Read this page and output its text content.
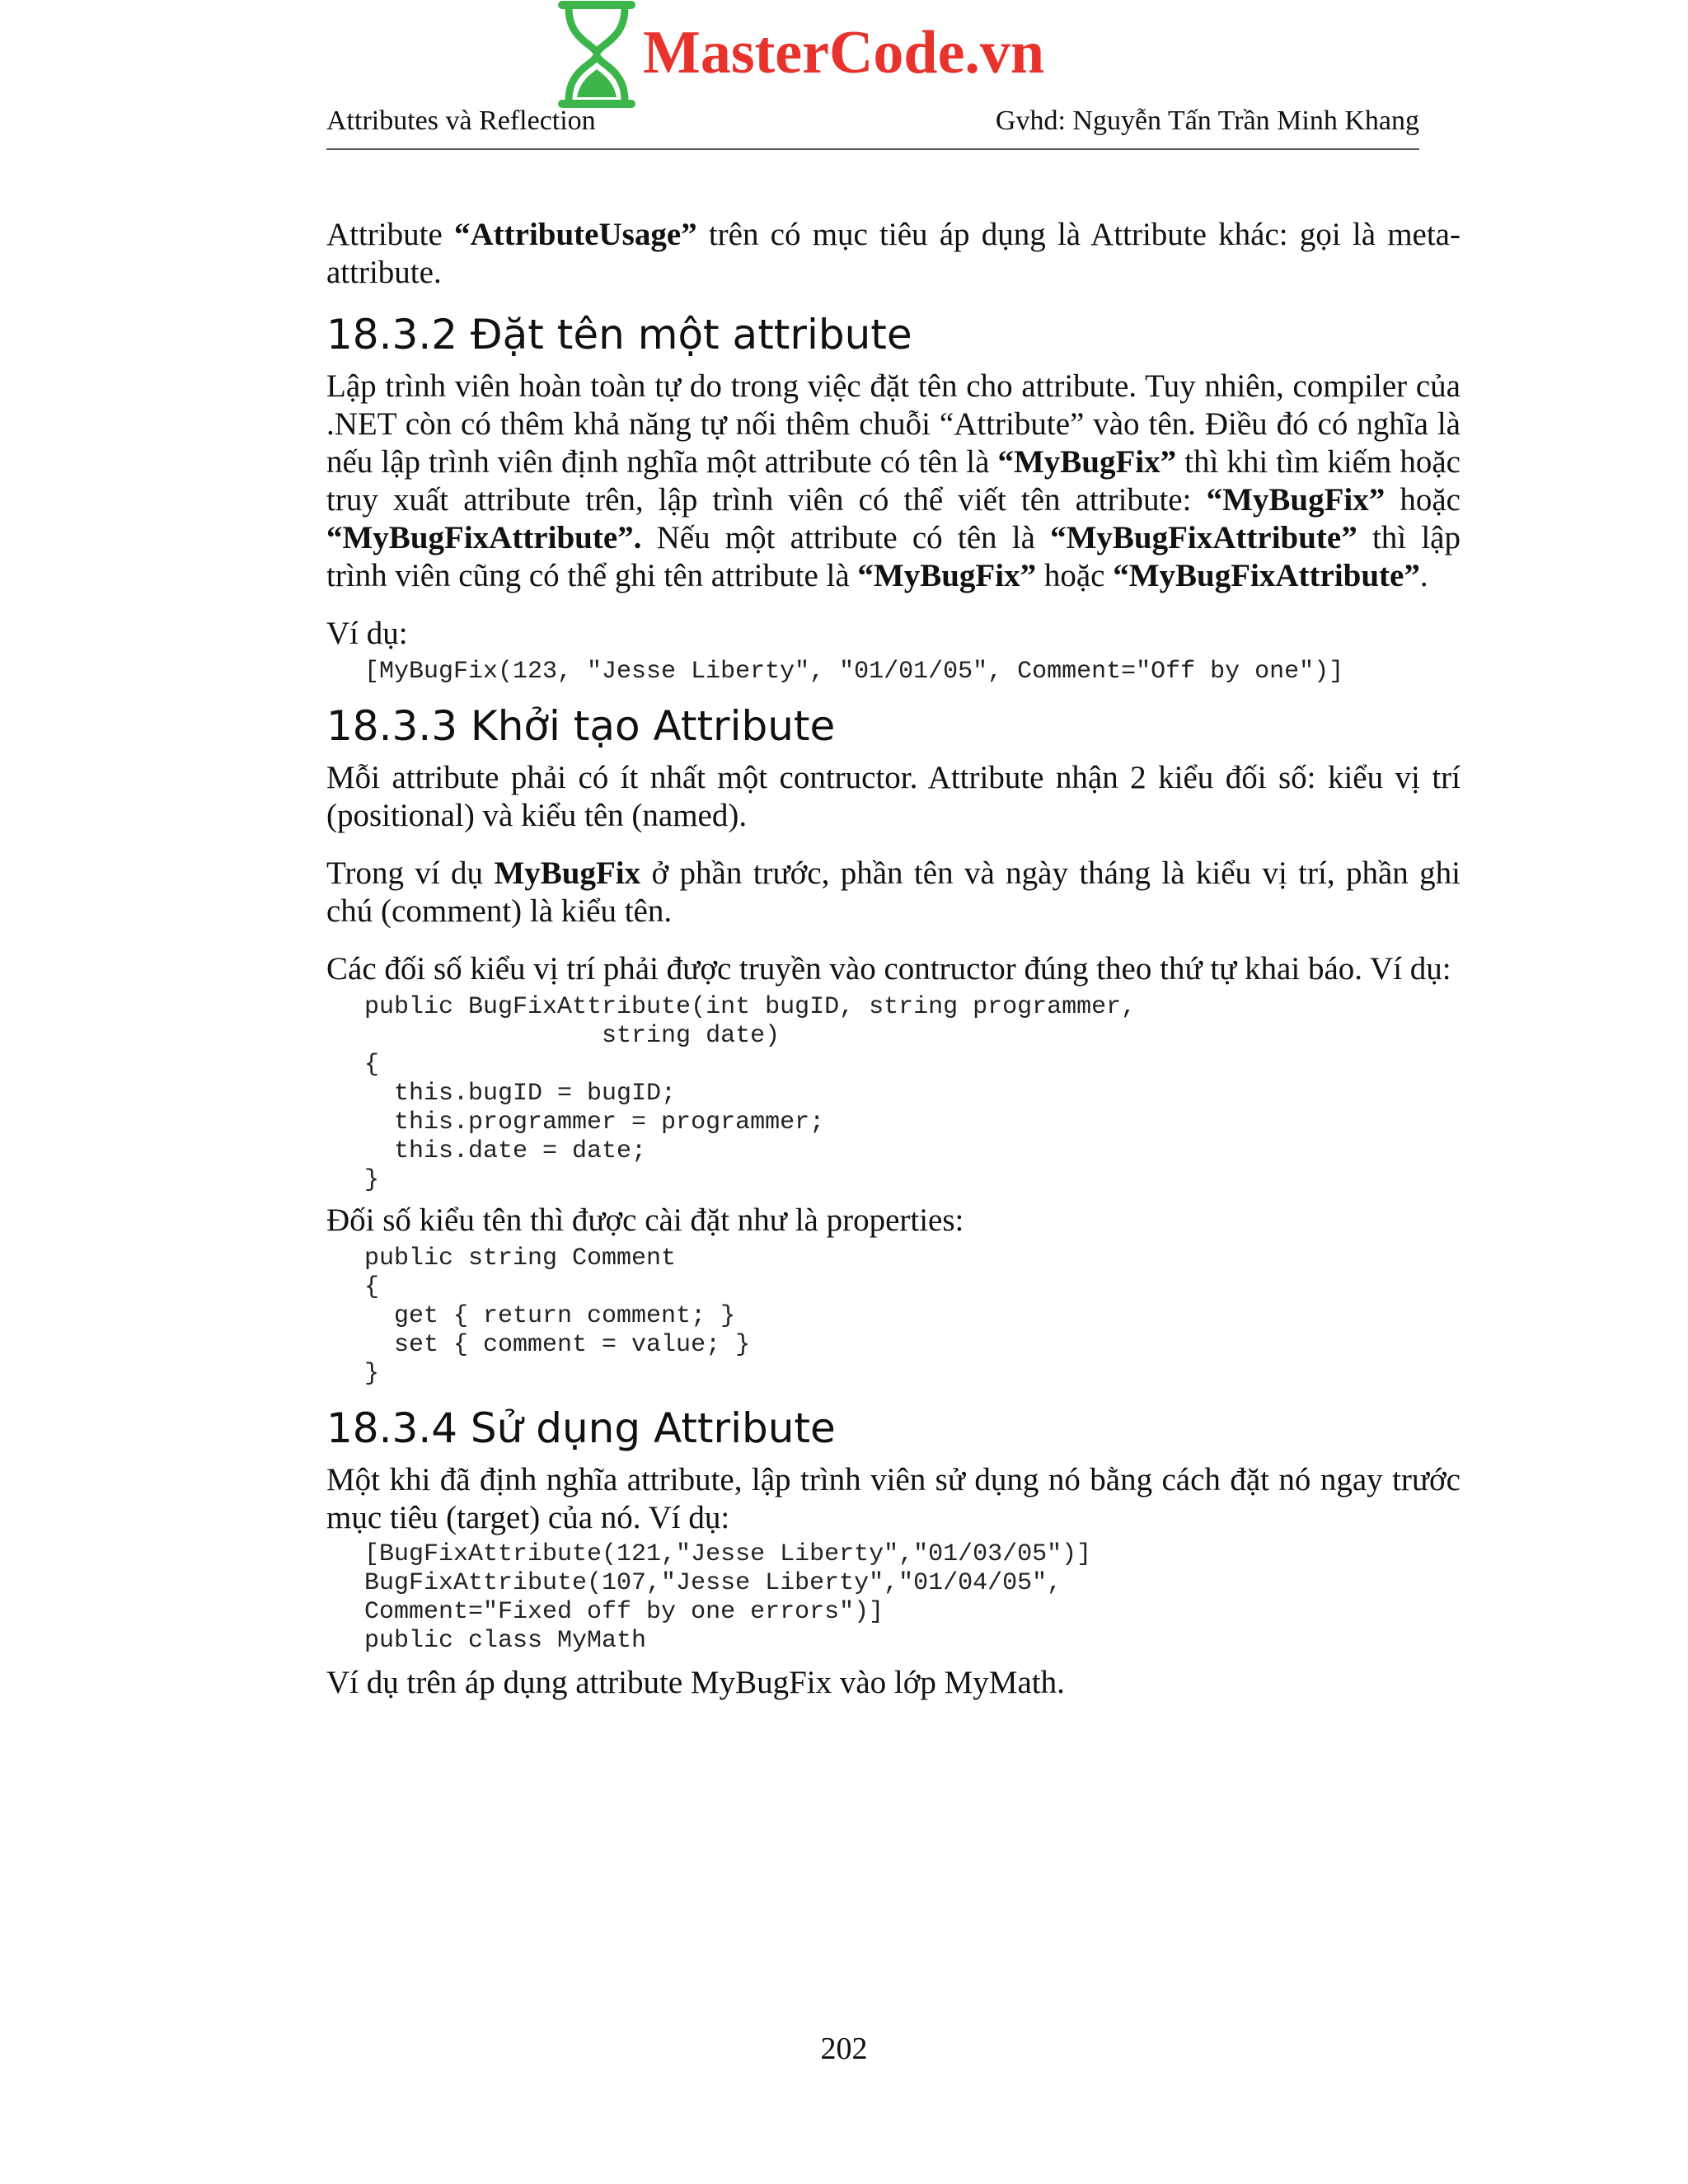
MasterCode.vn
Attributes và Reflection	Gvhd: Nguyễn Tấn Trần Minh Khang

Attribute “AttributeUsage” trên có mục tiêu áp dụng là Attribute khác: gọi là meta-attribute.

18.3.2 Đặt tên một attribute

Lập trình viên hoàn toàn tự do trong việc đặt tên cho attribute. Tuy nhiên, compiler của .NET còn có thêm khả năng tự nối thêm chuỗi “Attribute” vào tên. Điều đó có nghĩa là nếu lập trình viên định nghĩa một attribute có tên là “MyBugFix” thì khi tìm kiếm hoặc truy xuất attribute trên, lập trình viên có thể viết tên attribute: “MyBugFix” hoặc “MyBugFixAttribute”. Nếu một attribute có tên là “MyBugFixAttribute” thì lập trình viên cũng có thể ghi tên attribute là “MyBugFix” hoặc “MyBugFixAttribute”.

Ví dụ:

[MyBugFix(123, "Jesse Liberty", "01/01/05", Comment="Off by one")]
18.3.3 Khởi tạo Attribute

Mỗi attribute phải có ít nhất một contructor. Attribute nhận 2 kiểu đối số: kiểu vị trí (positional) và kiểu tên (named).

Trong ví dụ MyBugFix ở phần trước, phần tên và ngày tháng là kiểu vị trí, phần ghi chú (comment) là kiểu tên.

Các đối số kiểu vị trí phải được truyền vào contructor đúng theo thứ tự khai báo. Ví dụ:

public BugFixAttribute(int bugID, string programmer,
string date)
{
this.bugID = bugID;
this.programmer = programmer;
this.date = date;
}

Đối số kiểu tên thì được cài đặt như là properties:

public string Comment
{
get { return comment; }
set { comment = value; }
}
18.3.4 Sử dụng Attribute

Một khi đã định nghĩa attribute, lập trình viên sử dụng nó bằng cách đặt nó ngay trước mục tiêu (target) của nó. Ví dụ:

[BugFixAttribute(121,"Jesse Liberty","01/03/05")]
BugFixAttribute(107,"Jesse Liberty","01/04/05",
Comment="Fixed off by one errors")]
public class MyMath

Ví dụ trên áp dụng attribute MyBugFix vào lớp MyMath.

202
